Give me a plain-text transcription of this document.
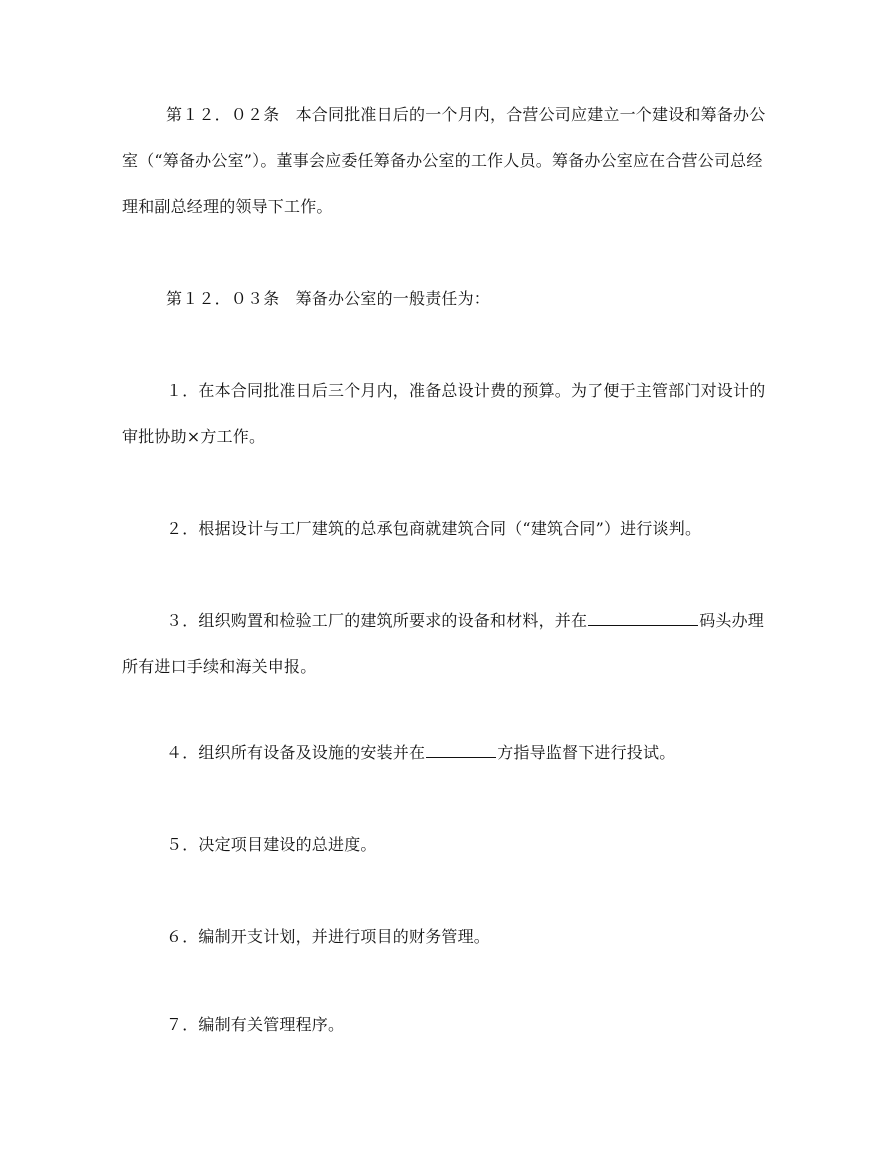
第１２．０２条　本合同批准日后的一个月内，合营公司应建立一个建设和筹备办公室（“筹备办公室”）。董事会应委任筹备办公室的工作人员。筹备办公室应在合营公司总经理和副总经理的领导下工作。

第１２．０３条　筹备办公室的一般责任为：

１．在本合同批准日后三个月内，准备总设计费的预算。为了便于主管部门对设计的审批协助×方工作。

２．根据设计与工厂建筑的总承包商就建筑合同（“建筑合同”）进行谈判。

３．组织购置和检验工厂的建筑所要求的设备和材料，并在	码头办理所有进口手续和海关申报。

４．组织所有设备及设施的安装并在	方指导监督下进行投试。

５．决定项目建设的总进度。

６．编制开支计划，并进行项目的财务管理。

７．编制有关管理程序。
